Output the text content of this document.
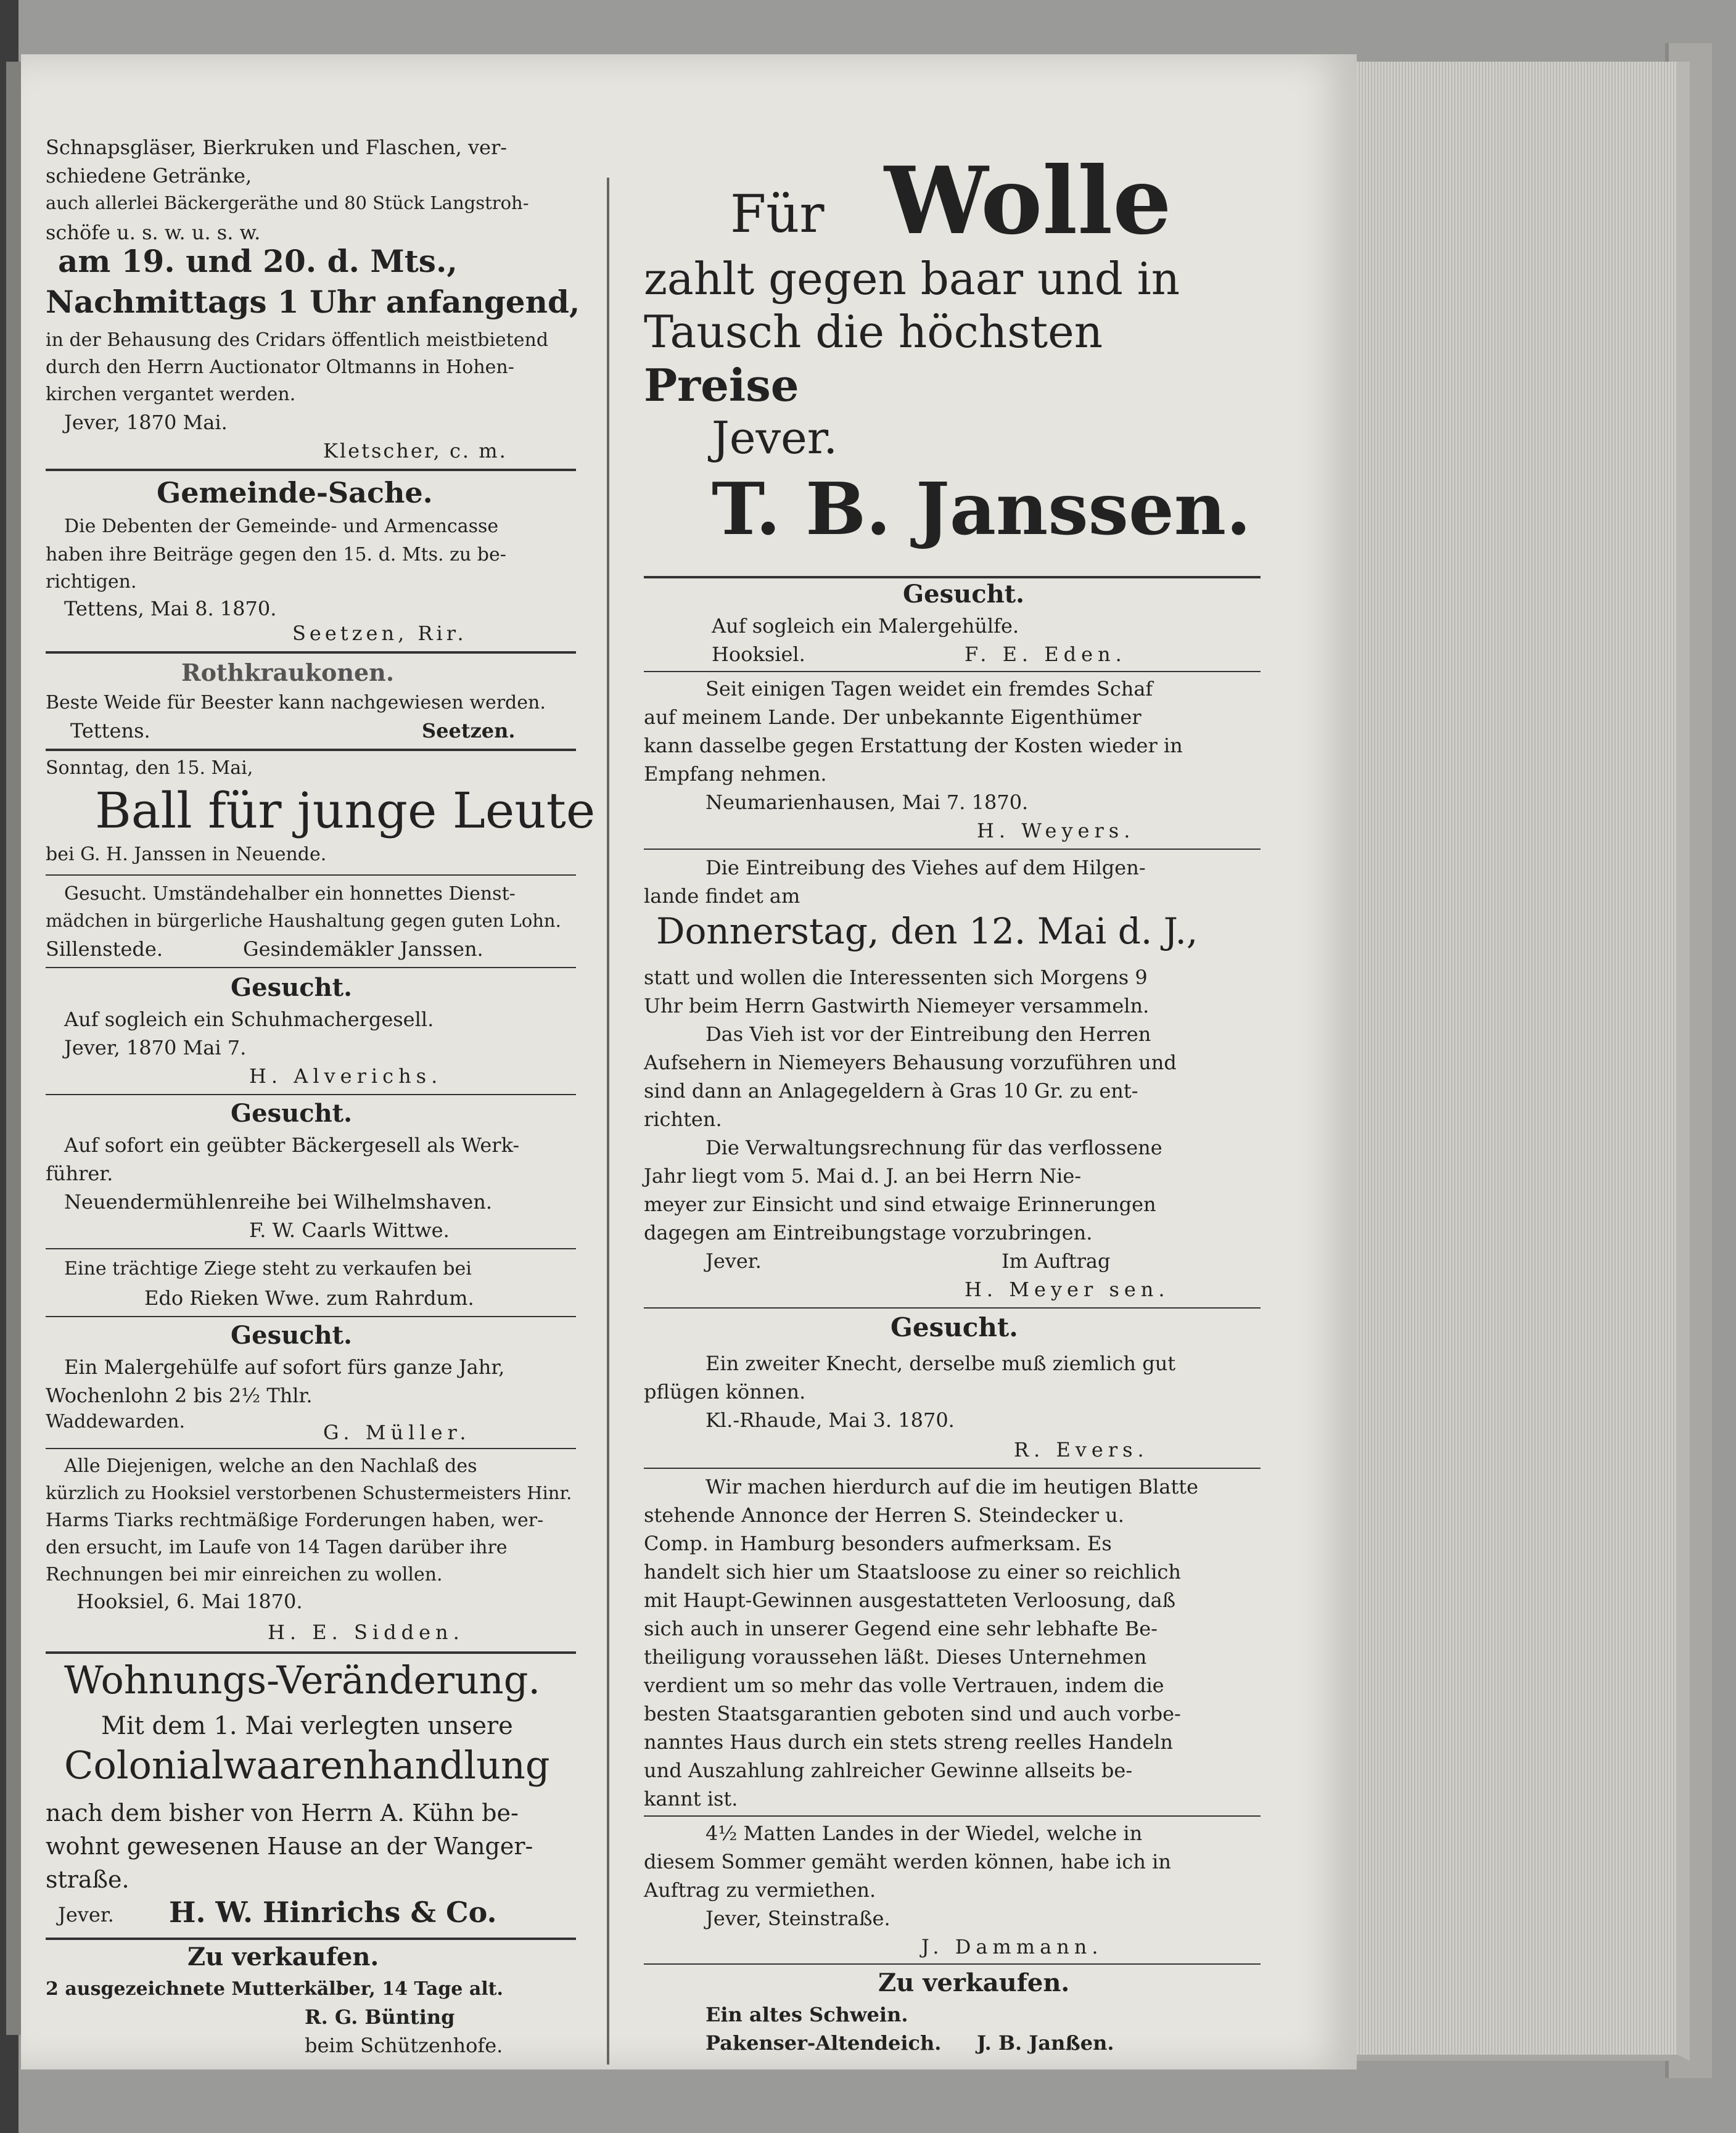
Schnapsgläser, Bierkruken und Flaschen, ver-
schiedene Getränke,
auch allerlei Bäckergeräthe und 80 Stück Langstroh-
schöfe u. s. w. u. s. w.
am 19. und 20. d. Mts.,
Nachmittags 1 Uhr anfangend,
in der Behausung des Cridars öffentlich meistbietend
durch den Herrn Auctionator Oltmanns in Hohen-
kirchen vergantet werden.
Jever, 1870 Mai.
Kletscher, c. m.
Gemeinde-Sache.
Die Debenten der Gemeinde- und Armencasse
haben ihre Beiträge gegen den 15. d. Mts. zu be-
richtigen.
Tettens, Mai 8. 1870.
Seetzen, Rir.
Rothkraukonen.
Beste Weide für Beester kann nachgewiesen werden.
Tettens.	Seetzen.
Sonntag, den 15. Mai,
Ball für junge Leute
bei G. H. Janssen in Neuende.
Gesucht. Umständehalber ein honnettes Dienst-
mädchen in bürgerliche Haushaltung gegen guten Lohn.
Sillenstede.	Gesindemäkler Janssen.
Gesucht.
Auf sogleich ein Schuhmachergesell.
Jever, 1870 Mai 7.
H. Alverichs.
Gesucht.
Auf sofort ein geübter Bäckergesell als Werk-
führer.
Neuendermühlenreihe bei Wilhelmshaven.
F. W. Caarls Wittwe.
Eine trächtige Ziege steht zu verkaufen bei
Edo Rieken Wwe. zum Rahrdum.
Gesucht.
Ein Malergehülfe auf sofort fürs ganze Jahr,
Wochenlohn 2 bis 2½ Thlr.
Waddewarden.	G. Müller.
Alle Diejenigen, welche an den Nachlaß des
kürzlich zu Hooksiel verstorbenen Schustermeisters Hinr.
Harms Tiarks rechtmäßige Forderungen haben, wer-
den ersucht, im Laufe von 14 Tagen darüber ihre
Rechnungen bei mir einreichen zu wollen.
Hooksiel, 6. Mai 1870.
H. E. Sidden.
Wohnungs-Veränderung.
Mit dem 1. Mai verlegten unsere
Colonialwaarenhandlung
nach dem bisher von Herrn A. Kühn be-
wohnt gewesenen Hause an der Wanger-
straße.
Jever. H. W. Hinrichs & Co.
Zu verkaufen.
2 ausgezeichnete Mutterkälber, 14 Tage alt.
R. G. Bünting
beim Schützenhofe.
Für Wolle
zahlt gegen baar und in
Tausch die höchsten
Preise
Jever.
T. B. Janssen.
Gesucht.
Auf sogleich ein Malergehülfe.
Hooksiel.	F. E. Eden.
Seit einigen Tagen weidet ein fremdes Schaf
auf meinem Lande. Der unbekannte Eigenthümer
kann dasselbe gegen Erstattung der Kosten wieder in
Empfang nehmen.
Neumarienhausen, Mai 7. 1870.
H. Weyers.
Die Eintreibung des Viehes auf dem Hilgen-
lande findet am
Donnerstag, den 12. Mai d. J.,
statt und wollen die Interessenten sich Morgens 9
Uhr beim Herrn Gastwirth Niemeyer versammeln.
Das Vieh ist vor der Eintreibung den Herren
Aufsehern in Niemeyers Behausung vorzuführen und
sind dann an Anlagegeldern à Gras 10 Gr. zu ent-
richten.
Die Verwaltungsrechnung für das verflossene
Jahr liegt vom 5. Mai d. J. an bei Herrn Nie-
meyer zur Einsicht und sind etwaige Erinnerungen
dagegen am Eintreibungstage vorzubringen.
Jever.	Im Auftrag
H. Meyer sen.
Gesucht.
Ein zweiter Knecht, derselbe muß ziemlich gut
pflügen können.
Kl.-Rhaude, Mai 3. 1870.
R. Evers.
Wir machen hierdurch auf die im heutigen Blatte
stehende Annonce der Herren S. Steindecker u.
Comp. in Hamburg besonders aufmerksam. Es
handelt sich hier um Staatsloose zu einer so reichlich
mit Haupt-Gewinnen ausgestatteten Verloosung, daß
sich auch in unserer Gegend eine sehr lebhafte Be-
theiligung voraussehen läßt. Dieses Unternehmen
verdient um so mehr das volle Vertrauen, indem die
besten Staatsgarantien geboten sind und auch vorbe-
nanntes Haus durch ein stets streng reelles Handeln
und Auszahlung zahlreicher Gewinne allseits be-
kannt ist.
4½ Matten Landes in der Wiedel, welche in
diesem Sommer gemäht werden können, habe ich in
Auftrag zu vermiethen.
Jever, Steinstraße.
J. Dammann.
Zu verkaufen.
Ein altes Schwein.
Pakenser-Altendeich. J. B. Janßen.
